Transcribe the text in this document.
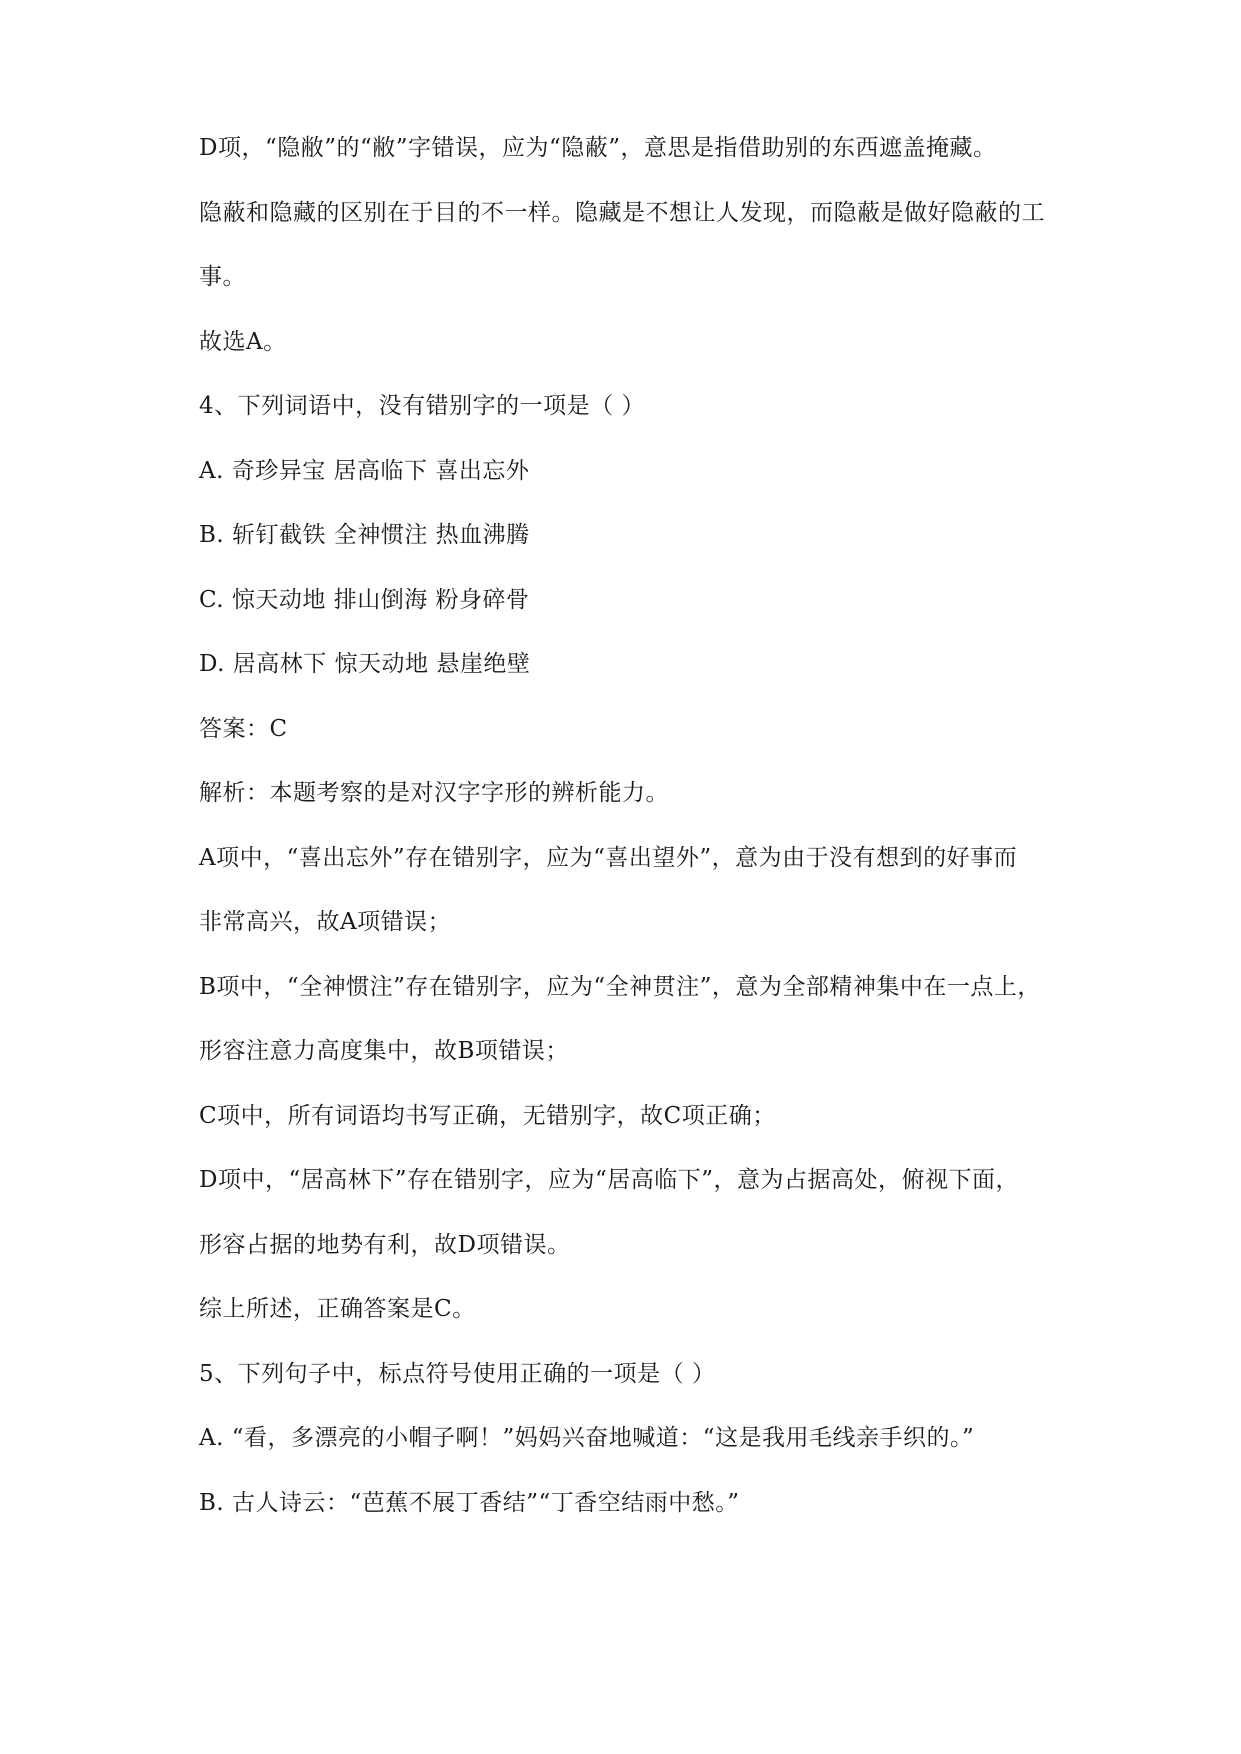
D项，“隐敝”的“敝”字错误，应为“隐蔽”，意思是指借助别的东西遮盖掩藏。
隐蔽和隐藏的区别在于目的不一样。隐藏是不想让人发现，而隐蔽是做好隐蔽的工
事。
故选A。
4、下列词语中，没有错别字的一项是（ ）
A. 奇珍异宝 居高临下 喜出忘外
B. 斩钉截铁 全神惯注 热血沸腾
C. 惊天动地 排山倒海 粉身碎骨
D. 居高林下 惊天动地 悬崖绝壁
答案：C
解析：本题考察的是对汉字字形的辨析能力。
A项中，“喜出忘外”存在错别字，应为“喜出望外”，意为由于没有想到的好事而
非常高兴，故A项错误；
B项中，“全神惯注”存在错别字，应为“全神贯注”，意为全部精神集中在一点上，
形容注意力高度集中，故B项错误；
C项中，所有词语均书写正确，无错别字，故C项正确；
D项中，“居高林下”存在错别字，应为“居高临下”，意为占据高处，俯视下面，
形容占据的地势有利，故D项错误。
综上所述，正确答案是C。
5、下列句子中，标点符号使用正确的一项是（ ）
A. “看，多漂亮的小帽子啊！”妈妈兴奋地喊道：“这是我用毛线亲手织的。”
B. 古人诗云：“芭蕉不展丁香结”“丁香空结雨中愁。”
